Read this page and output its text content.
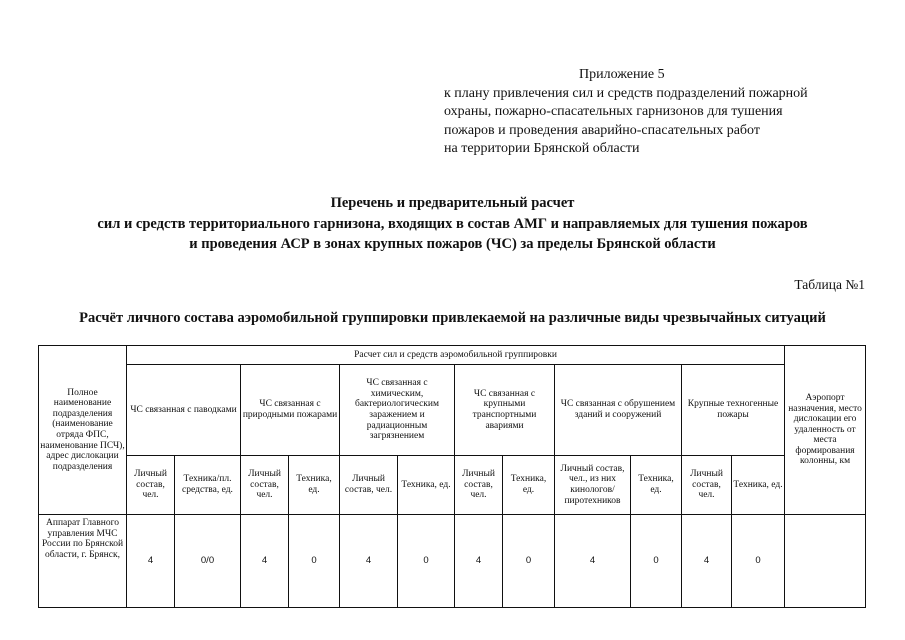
Приложение 5
к плану привлечения сил и средств подразделений пожарной
охраны, пожарно-спасательных гарнизонов для тушения
пожаров и проведения аварийно-спасательных работ
на территории Брянской области
Перечень и предварительный расчет
сил и средств территориального гарнизона, входящих в состав АМГ и направляемых для тушения пожаров
и проведения АСР в зонах крупных пожаров (ЧС) за пределы Брянской области
Таблица №1
Расчёт личного состава аэромобильной группировки привлекаемой на различные виды чрезвычайных ситуаций
Полное наименование подразделения (наименование отряда ФПС, наименование ПСЧ), адрес дислокации подразделения	Расчет сил и средств аэромобильной группировки												Аэропорт назначения, место дислокации его удаленность от места формирования колонны, км
	ЧС связанная с паводками		ЧС связанная с природными пожарами		ЧС связанная с химическим, бактериологическим заражением и радиационным загрязнением		ЧС связанная с крупными транспортными авариями		ЧС связанная с обрушением зданий и сооружений		Крупные техногенные пожары		
	Личный состав, чел.	Техника/пл. средства, ед.	Личный состав, чел.	Техника, ед.	Личный состав, чел.	Техника, ед.	Личный состав, чел.	Техника, ед.	Личный состав, чел., из них кинологов/ пиротехников	Техника, ед.	Личный состав, чел.	Техника, ед.	
Аппарат Главного управления МЧС России по Брянской области, г. Брянск,	4	0/0	4	0	4	0	4	0	4	0	4	0	
